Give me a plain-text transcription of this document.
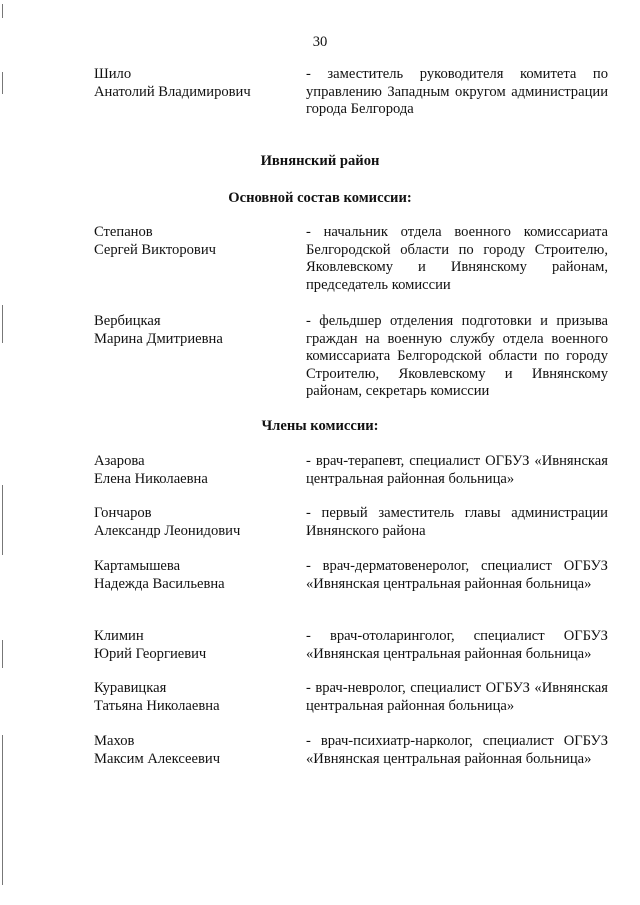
30
Шило
Анатолий Владимирович
- заместитель руководителя комитета по управлению Западным округом администрации города Белгорода
Ивнянский район
Основной состав комиссии:
Степанов
Сергей Викторович
- начальник отдела военного комиссариата Белгородской области по городу Строителю, Яковлевскому и Ивнянскому районам, председатель комиссии
Вербицкая
Марина Дмитриевна
- фельдшер отделения подготовки и призыва граждан на военную службу отдела военного комиссариата Белгородской области по городу Строителю, Яковлевскому и Ивнянскому районам, секретарь комиссии
Члены комиссии:
Азарова
Елена Николаевна
- врач-терапевт, специалист ОГБУЗ «Ивнянская центральная районная больница»
Гончаров
Александр Леонидович
- первый заместитель главы администрации Ивнянского района
Картамышева
Надежда Васильевна
- врач-дерматовенеролог, специалист ОГБУЗ «Ивнянская центральная районная больница»
Климин
Юрий Георгиевич
- врач-отоларинголог, специалист ОГБУЗ «Ивнянская центральная районная больница»
Куравицкая
Татьяна Николаевна
- врач-невролог, специалист ОГБУЗ «Ивнянская центральная районная больница»
Махов
Максим Алексеевич
- врач-психиатр-нарколог, специалист ОГБУЗ «Ивнянская центральная районная больница»
